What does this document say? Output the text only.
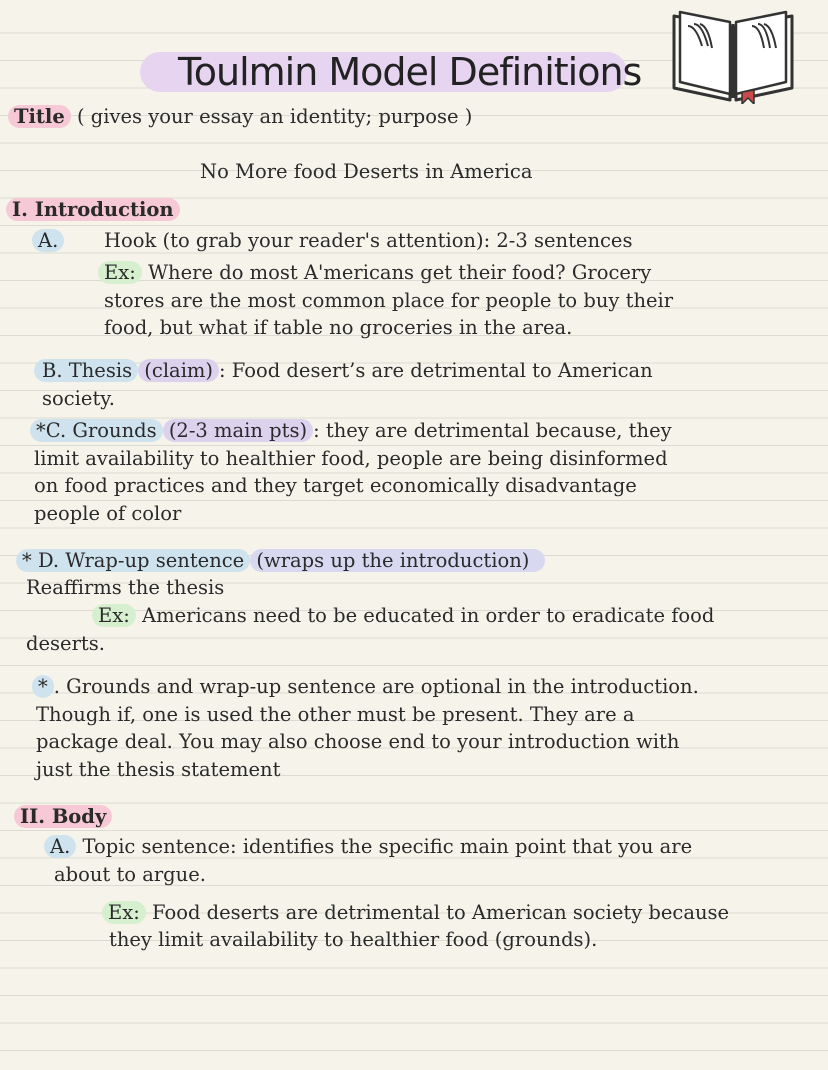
Toulmin Model Definitions
Title ( gives your essay an identity; purpose )
No More food Deserts in America
I. Introduction
A.	Hook (to grab your reader's attention): 2-3 sentences
Ex: Where do most A'mericans get their food? Grocery
stores are the most common place for people to buy their
food, but what if table no groceries in the area.
B. Thesis (claim) : Food desert’s are detrimental to American
society.
*C. Grounds (2-3 main pts) : they are detrimental because, they
limit availability to healthier food, people are being disinformed
on food practices and they target economically disadvantage
people of color
* D. Wrap-up sentence (wraps up the introduction)
Reaffirms the thesis
Ex: Americans need to be educated in order to eradicate food
deserts.
* . Grounds and wrap-up sentence are optional in the introduction.
Though if, one is used the other must be present. They are a
package deal. You may also choose end to your introduction with
just the thesis statement
II. Body
A. Topic sentence: identifies the specific main point that you are
about to argue.
Ex: Food deserts are detrimental to American society because
they limit availability to healthier food (grounds).
